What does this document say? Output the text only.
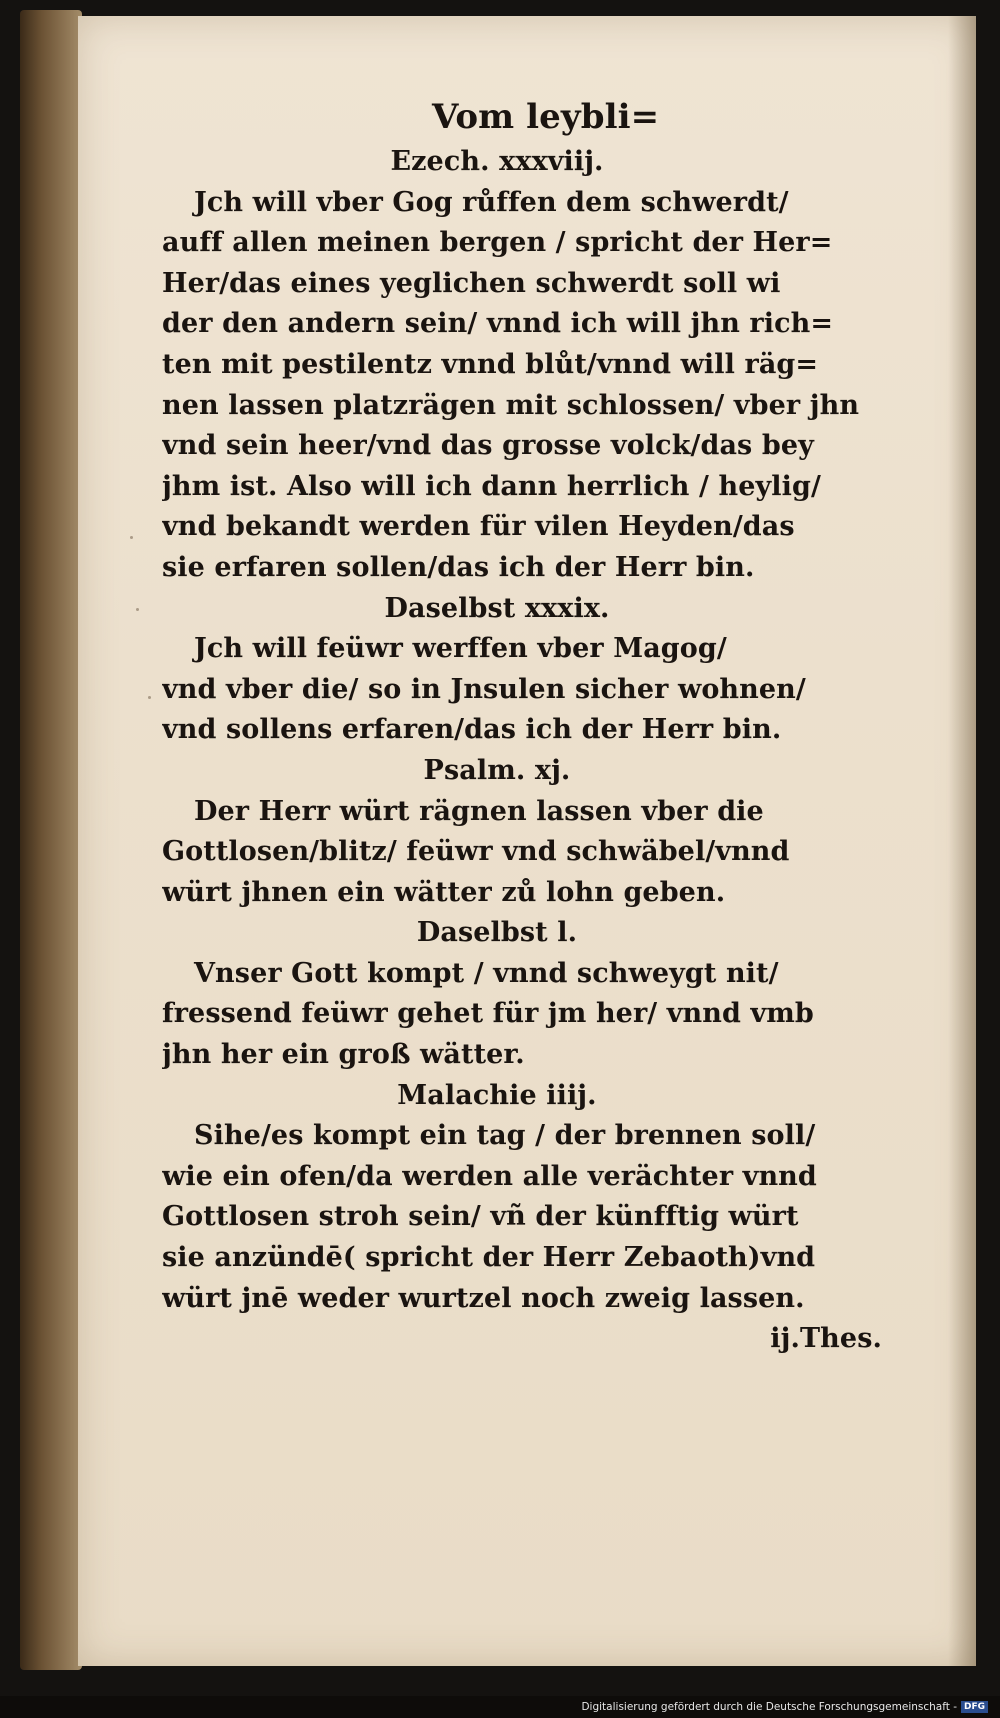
Vom leybli=
Ezech. xxxviij.
Jch will vber Gog růffen dem schwerdt/
auff allen meinen bergen / spricht der Her=
Her/das eines yeglichen schwerdt soll wi
der den andern sein/ vnnd ich will jhn rich=
ten mit pestilentz vnnd blůt/vnnd will räg=
nen lassen platzrägen mit schlossen/ vber jhn
vnd sein heer/vnd das grosse volck/das bey
jhm ist. Also will ich dann herrlich / heylig/
vnd bekandt werden für vilen Heyden/das
sie erfaren sollen/das ich der Herr bin.
Daselbst xxxix.
Jch will feüwr werffen vber Magog/
vnd vber die/ so in Jnsulen sicher wohnen/
vnd sollens erfaren/das ich der Herr bin.
Psalm. xj.
Der Herr würt rägnen lassen vber die
Gottlosen/blitz/ feüwr vnd schwäbel/vnnd
würt jhnen ein wätter zů lohn geben.
Daselbst l.
Vnser Gott kompt / vnnd schweygt nit/
fressend feüwr gehet für jm her/ vnnd vmb
jhn her ein groß wätter.
Malachie iiij.
Sihe/es kompt ein tag / der brennen soll/
wie ein ofen/da werden alle verächter vnnd
Gottlosen stroh sein/ vñ der künfftig würt
sie anzündē( spricht der Herr Zebaoth)vnd
würt jnē weder wurtzel noch zweig lassen.
ij.Thes.
Digitalisierung gefördert durch die Deutsche Forschungsgemeinschaft - DFG
